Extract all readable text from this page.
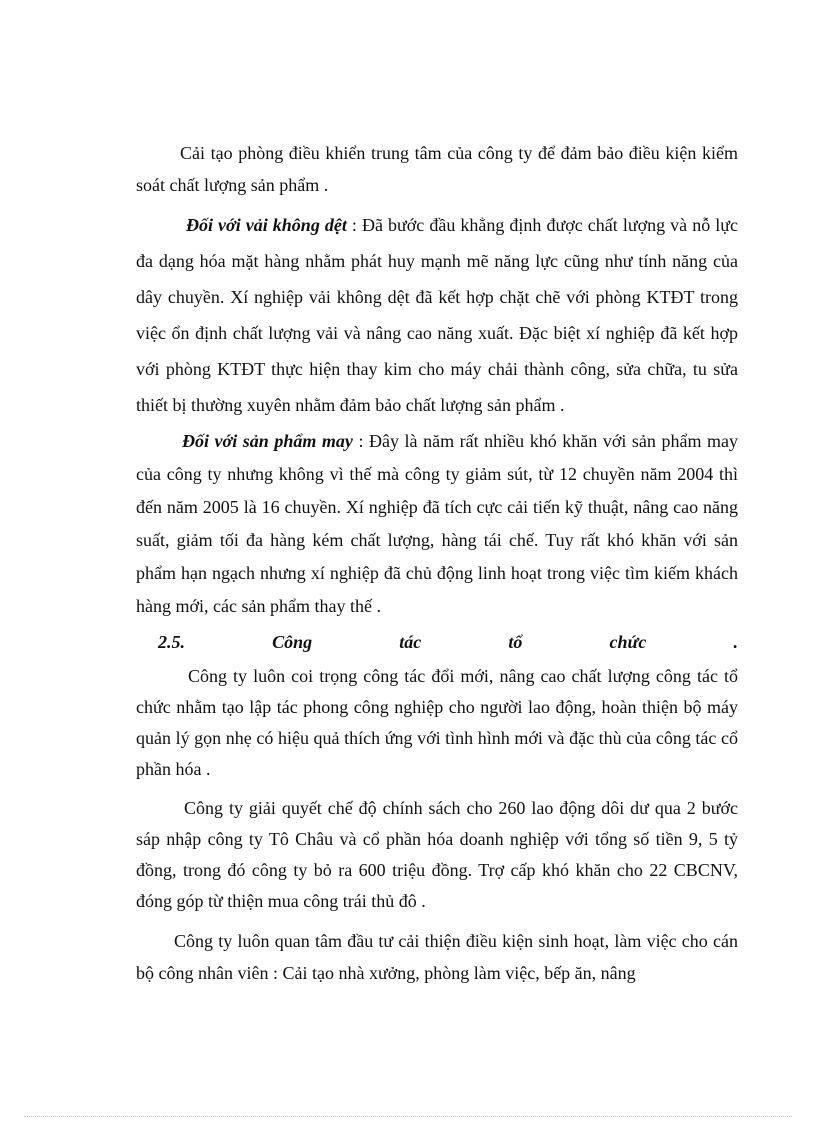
Cải tạo phòng điều khiển trung tâm của công ty để đảm bảo điều kiện kiểm soát chất lượng sản phẩm .

Đối với vải không dệt : Đã bước đầu khẳng định được chất lượng và nỗ lực đa dạng hóa mặt hàng nhằm phát huy mạnh mẽ năng lực cũng như tính năng của dây chuyền. Xí nghiệp vải không dệt đã kết hợp chặt chẽ với phòng KTĐT trong việc ổn định chất lượng vải và nâng cao năng xuất. Đặc biệt xí nghiệp đã kết hợp với phòng KTĐT thực hiện thay kim cho máy chải thành công, sửa chữa, tu sửa thiết bị thường xuyên nhằm đảm bảo chất lượng sản phẩm .

Đối với sản phẩm may : Đây là năm rất nhiều khó khăn với sản phẩm may của công ty nhưng không vì thế mà công ty giảm sút, từ 12 chuyền năm 2004 thì đến năm 2005 là 16 chuyền. Xí nghiệp đã tích cực cải tiến kỹ thuật, nâng cao năng suất, giảm tối đa hàng kém chất lượng, hàng tái chế. Tuy rất khó khăn với sản phẩm hạn ngạch nhưng xí nghiệp đã chủ động linh hoạt trong việc tìm kiếm khách hàng mới, các sản phẩm thay thế .

2.5.	Công	tác	tổ	chức	.

Công ty luôn coi trọng công tác đổi mới, nâng cao chất lượng công tác tổ chức nhằm tạo lập tác phong công nghiệp cho người lao động, hoàn thiện bộ máy quản lý gọn nhẹ có hiệu quả thích ứng với tình hình mới và đặc thù của công tác cổ phần hóa .

Công ty giải quyết chế độ chính sách cho 260 lao động dôi dư qua 2 bước sáp nhập công ty Tô Châu và cổ phần hóa doanh nghiệp với tổng số tiền 9, 5 tỷ đồng, trong đó công ty bỏ ra 600 triệu đồng. Trợ cấp khó khăn cho 22 CBCNV, đóng góp từ thiện mua công trái thủ đô .

Công ty luôn quan tâm đầu tư cải thiện điều kiện sinh hoạt, làm việc cho cán bộ công nhân viên : Cải tạo nhà xưởng, phòng làm việc, bếp ăn, nâng
